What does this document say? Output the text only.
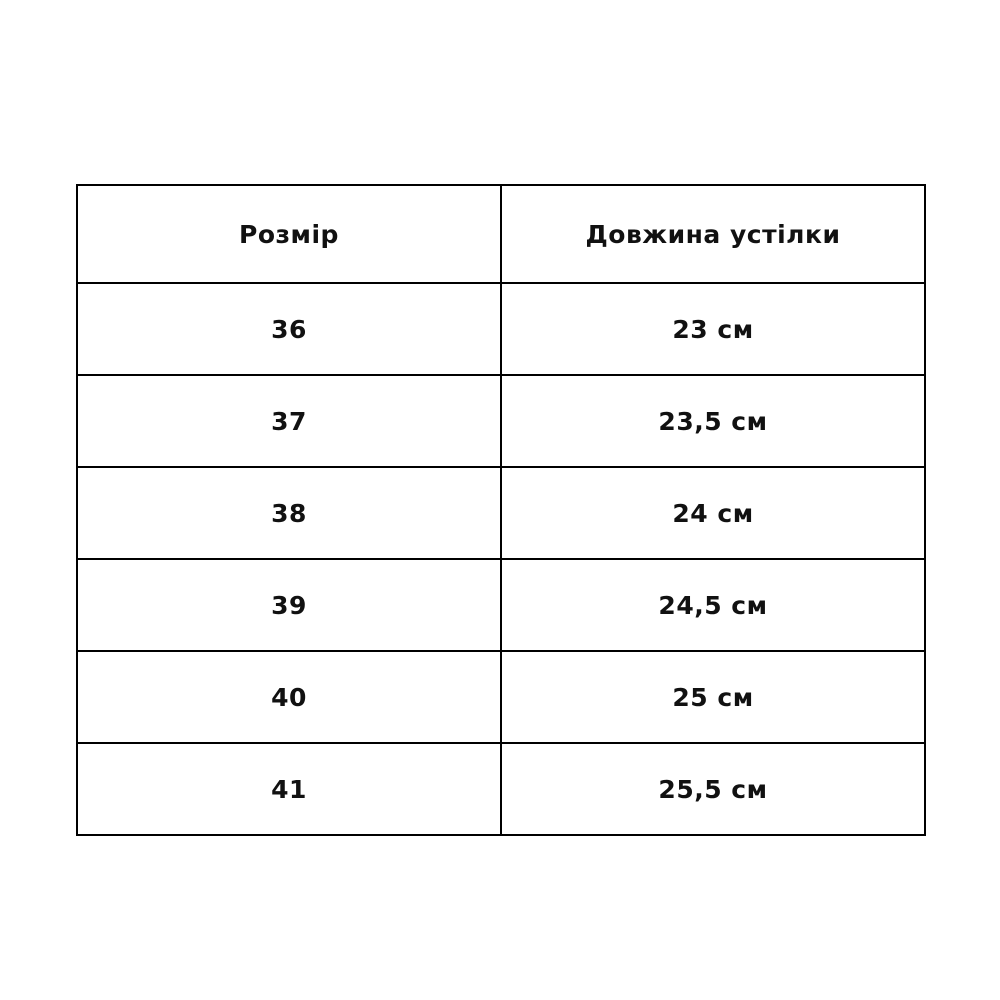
Розмір	Довжина устілки
36	23 см
37	23,5 см
38	24 см
39	24,5 см
40	25 см
41	25,5 см
